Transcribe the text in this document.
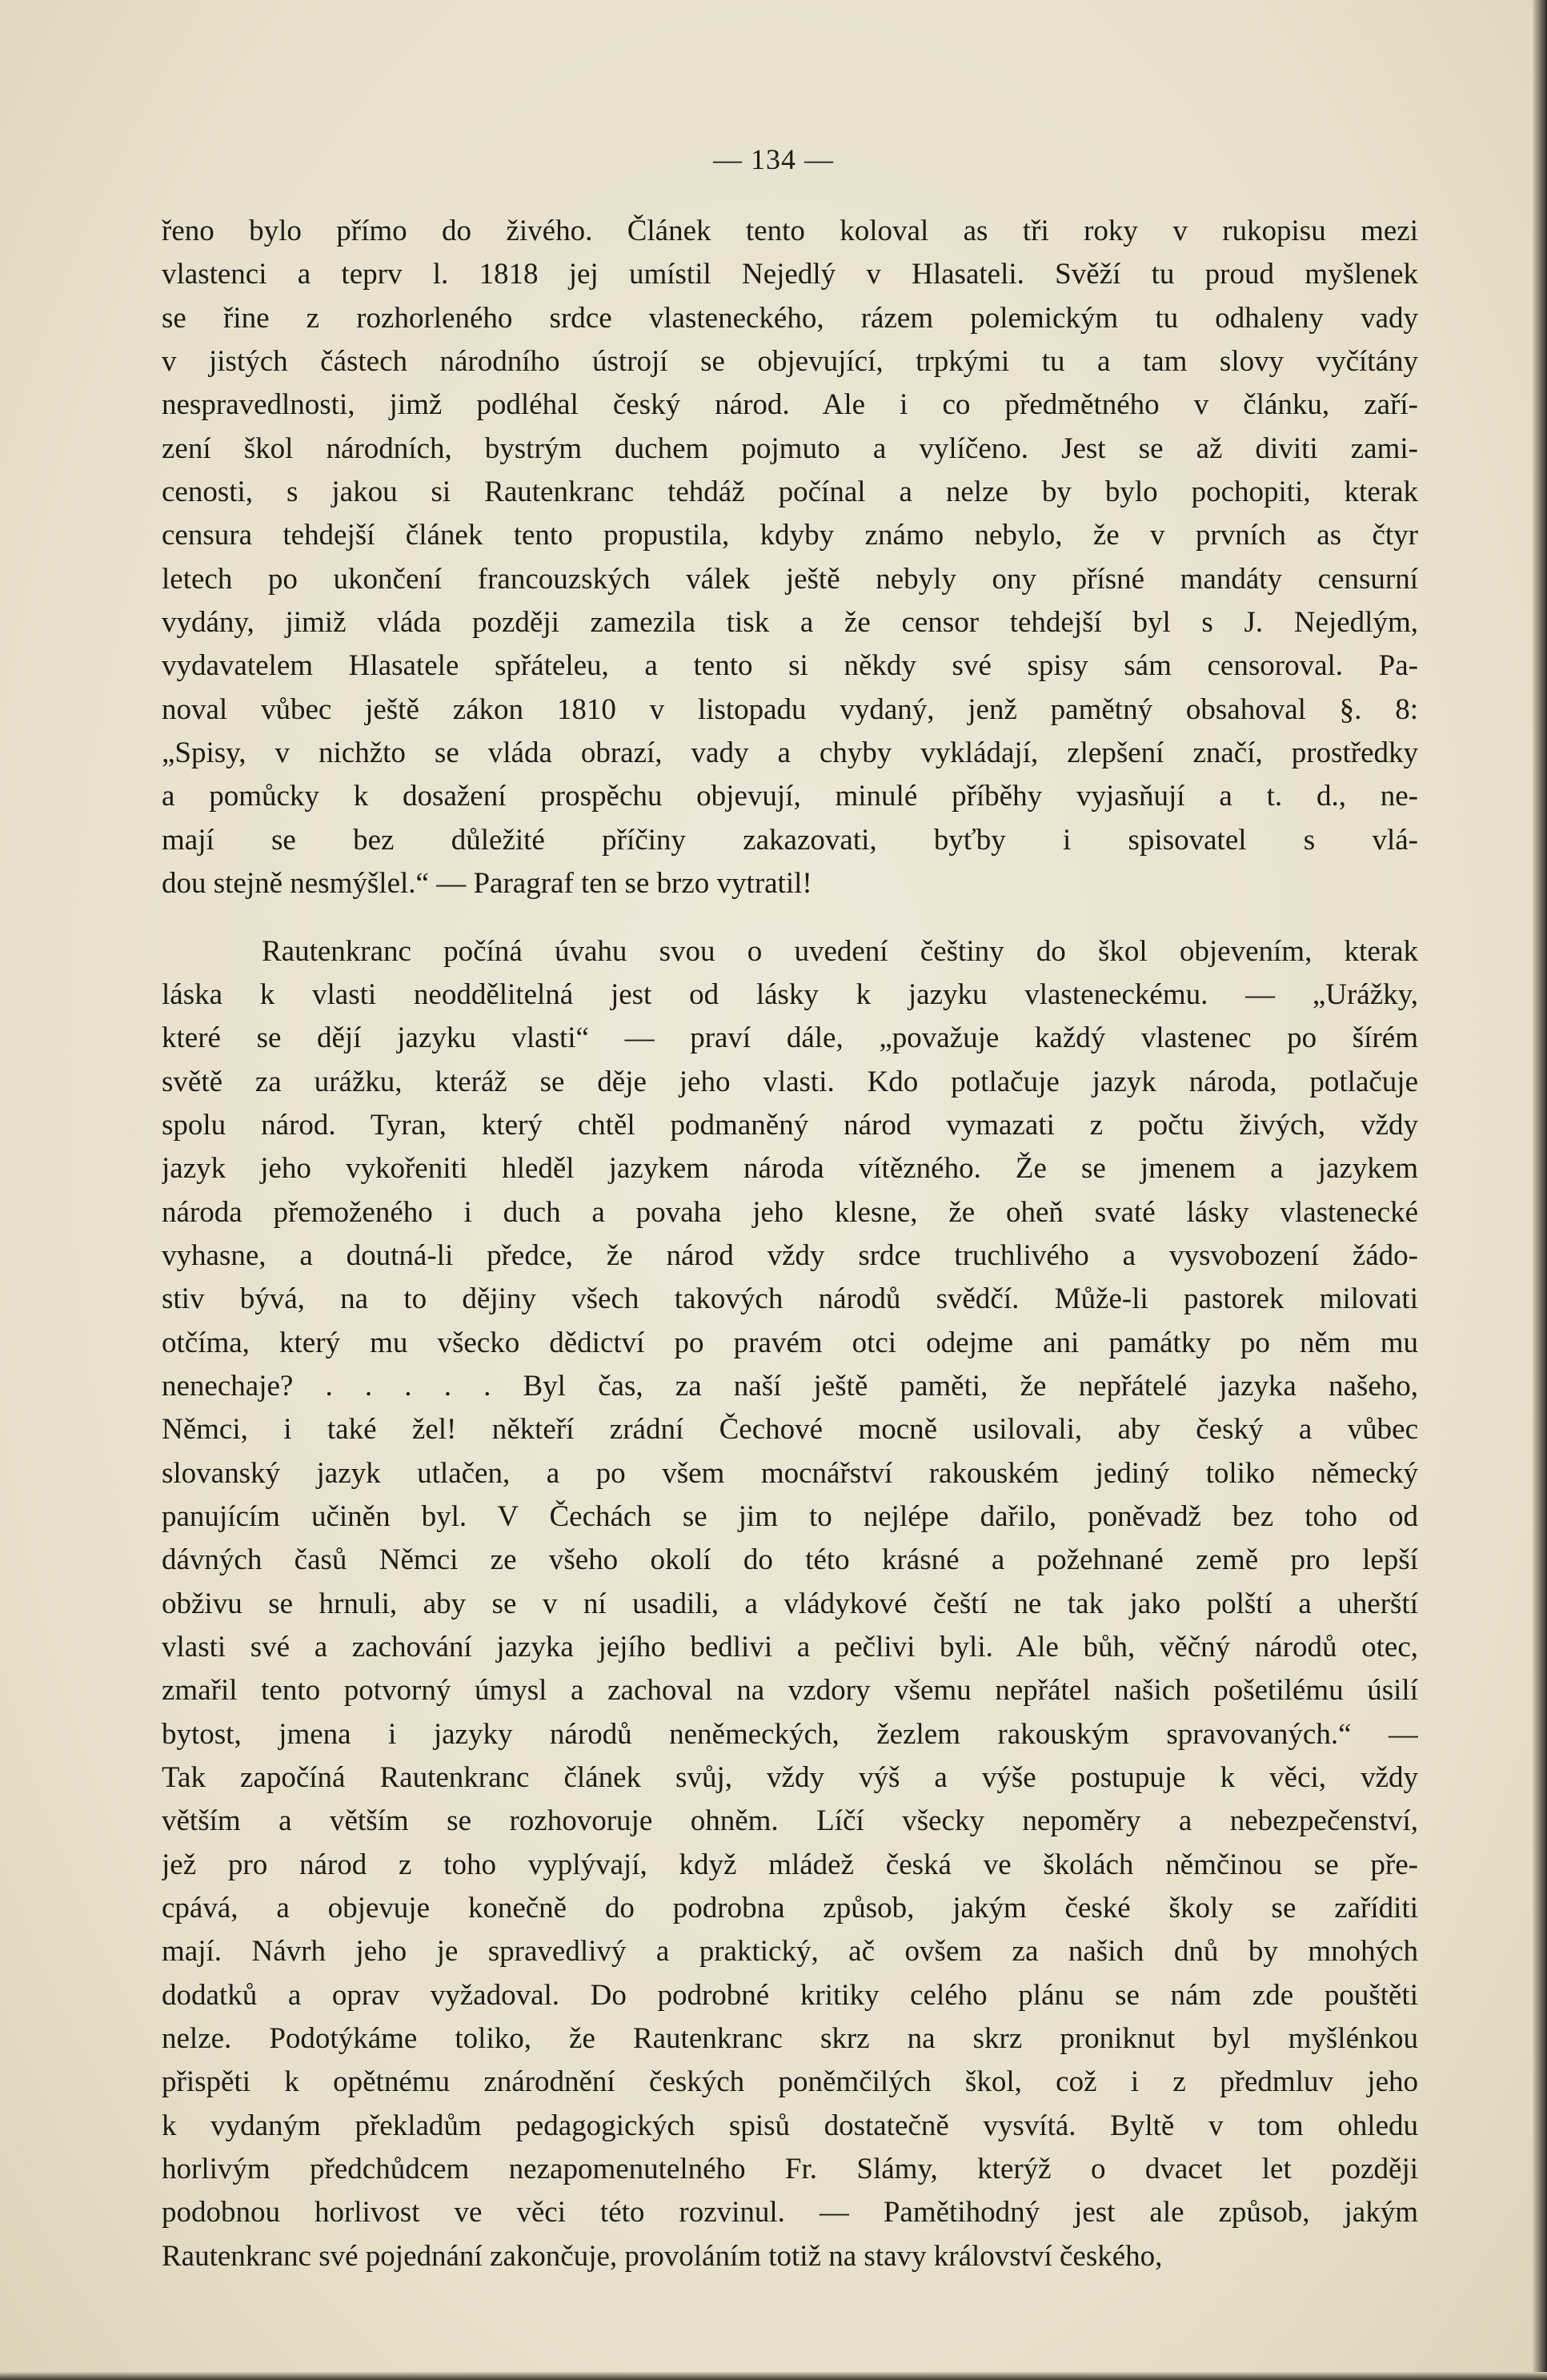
— 134 —
řeno bylo přímo do živého. Článek tento koloval as tři roky v rukopisu mezi
vlastenci a teprv l. 1818 jej umístil Nejedlý v Hlasateli. Svěží tu proud myšlenek
se řine z rozhorleného srdce vlasteneckého, rázem polemickým tu odhaleny vady
v jistých částech národního ústrojí se objevující, trpkými tu a tam slovy vyčítány
nespravedlnosti, jimž podléhal český národ. Ale i co předmětného v článku, zaří-
zení škol národních, bystrým duchem pojmuto a vylíčeno. Jest se až diviti zami-
cenosti, s jakou si Rautenkranc tehdáž počínal a nelze by bylo pochopiti, kterak
censura tehdejší článek tento propustila, kdyby známo nebylo, že v prvních as čtyr
letech po ukončení francouzských válek ještě nebyly ony přísné mandáty censurní
vydány, jimiž vláda později zamezila tisk a že censor tehdejší byl s J. Nejedlým,
vydavatelem Hlasatele spřáteleu, a tento si někdy své spisy sám censoroval. Pa-
noval vůbec ještě zákon 1810 v listopadu vydaný, jenž pamětný obsahoval §. 8:
„Spisy, v nichžto se vláda obrazí, vady a chyby vykládají, zlepšení značí, prostředky
a pomůcky k dosažení prospěchu objevují, minulé příběhy vyjasňují a t. d., ne-
mají se bez důležité příčiny zakazovati, byťby i spisovatel s vlá-
dou stejně nesmýšlel.“ — Paragraf ten se brzo vytratil!
Rautenkranc počíná úvahu svou o uvedení češtiny do škol objevením, kterak
láska k vlasti neoddělitelná jest od lásky k jazyku vlasteneckému. — „Urážky,
které se dějí jazyku vlasti“ — praví dále, „považuje každý vlastenec po šírém
světě za urážku, kteráž se děje jeho vlasti. Kdo potlačuje jazyk národa, potlačuje
spolu národ. Tyran, který chtěl podmaněný národ vymazati z počtu živých, vždy
jazyk jeho vykořeniti hleděl jazykem národa vítězného. Že se jmenem a jazykem
národa přemoženého i duch a povaha jeho klesne, že oheň svaté lásky vlastenecké
vyhasne, a doutná-li předce, že národ vždy srdce truchlivého a vysvobození žádo-
stiv bývá, na to dějiny všech takových národů svědčí. Může-li pastorek milovati
otčíma, který mu všecko dědictví po pravém otci odejme ani památky po něm mu
nenechaje? . . . . . Byl čas, za naší ještě paměti, že nepřátelé jazyka našeho,
Němci, i také žel! někteří zrádní Čechové mocně usilovali, aby český a vůbec
slovanský jazyk utlačen, a po všem mocnářství rakouském jediný toliko německý
panujícím učiněn byl. V Čechách se jim to nejlépe dařilo, poněvadž bez toho od
dávných časů Němci ze všeho okolí do této krásné a požehnané země pro lepší
obživu se hrnuli, aby se v ní usadili, a vládykové čeští ne tak jako polští a uherští
vlasti své a zachování jazyka jejího bedlivi a pečlivi byli. Ale bůh, věčný národů otec,
zmařil tento potvorný úmysl a zachoval na vzdory všemu nepřátel našich pošetilému úsilí
bytost, jmena i jazyky národů neněmeckých, žezlem rakouským spravovaných.“ —
Tak započíná Rautenkranc článek svůj, vždy výš a výše postupuje k věci, vždy
větším a větším se rozhovoruje ohněm. Líčí všecky nepoměry a nebezpečenství,
jež pro národ z toho vyplývají, když mládež česká ve školách němčinou se pře-
cpává, a objevuje konečně do podrobna způsob, jakým české školy se zaříditi
mají. Návrh jeho je spravedlivý a praktický, ač ovšem za našich dnů by mnohých
dodatků a oprav vyžadoval. Do podrobné kritiky celého plánu se nám zde pouštěti
nelze. Podotýkáme toliko, že Rautenkranc skrz na skrz proniknut byl myšlénkou
přispěti k opětnému znárodnění českých poněmčilých škol, což i z předmluv jeho
k vydaným překladům pedagogických spisů dostatečně vysvítá. Byltě v tom ohledu
horlivým předchůdcem nezapomenutelného Fr. Slámy, kterýž o dvacet let později
podobnou horlivost ve věci této rozvinul. — Pamětihodný jest ale způsob, jakým
Rautenkranc své pojednání zakončuje, provoláním totiž na stavy království českého,
